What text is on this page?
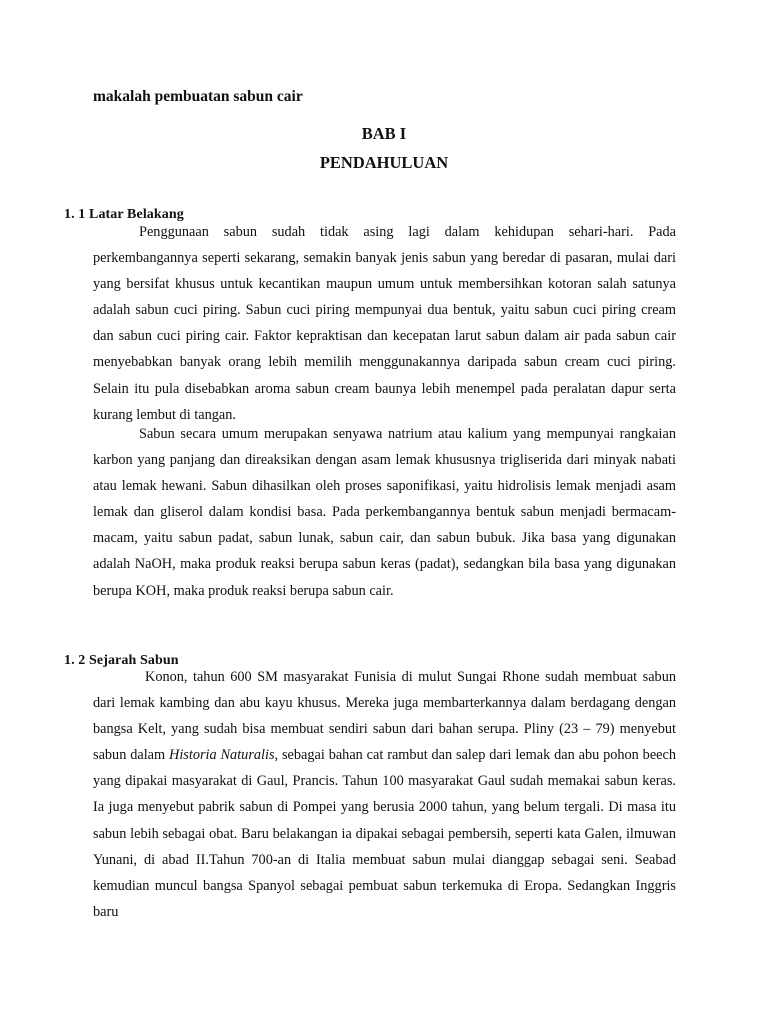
makalah pembuatan sabun cair
BAB I
PENDAHULUAN
1. 1 Latar Belakang

Penggunaan sabun sudah tidak asing lagi dalam kehidupan sehari-hari. Pada perkembangannya seperti sekarang, semakin banyak jenis sabun yang beredar di pasaran, mulai dari yang bersifat khusus untuk kecantikan maupun umum untuk membersihkan kotoran salah satunya adalah sabun cuci piring. Sabun cuci piring mempunyai dua bentuk, yaitu sabun cuci piring cream dan sabun cuci piring cair. Faktor kepraktisan dan kecepatan larut sabun dalam air pada sabun cair menyebabkan banyak orang lebih memilih menggunakannya daripada sabun cream cuci piring. Selain itu pula disebabkan aroma sabun cream baunya lebih menempel pada peralatan dapur serta kurang lembut di tangan.

Sabun secara umum merupakan senyawa natrium atau kalium yang mempunyai rangkaian karbon yang panjang dan direaksikan dengan asam lemak khususnya trigliserida dari minyak nabati atau lemak hewani. Sabun dihasilkan oleh proses saponifikasi, yaitu hidrolisis lemak menjadi asam lemak dan gliserol dalam kondisi basa. Pada perkembangannya bentuk sabun menjadi bermacam-macam, yaitu sabun padat, sabun lunak, sabun cair, dan sabun bubuk. Jika basa yang digunakan adalah NaOH, maka produk reaksi berupa sabun keras (padat), sedangkan bila basa yang digunakan berupa KOH, maka produk reaksi berupa sabun cair.

1. 2 Sejarah Sabun

Konon, tahun 600 SM masyarakat Funisia di mulut Sungai Rhone sudah membuat sabun dari lemak kambing dan abu kayu khusus. Mereka juga membarterkannya dalam berdagang dengan bangsa Kelt, yang sudah bisa membuat sendiri sabun dari bahan serupa. Pliny (23 – 79) menyebut sabun dalam Historia Naturalis, sebagai bahan cat rambut dan salep dari lemak dan abu pohon beech yang dipakai masyarakat di Gaul, Prancis. Tahun 100 masyarakat Gaul sudah memakai sabun keras. Ia juga menyebut pabrik sabun di Pompei yang berusia 2000 tahun, yang belum tergali. Di masa itu sabun lebih sebagai obat. Baru belakangan ia dipakai sebagai pembersih, seperti kata Galen, ilmuwan Yunani, di abad II.Tahun 700-an di Italia membuat sabun mulai dianggap sebagai seni. Seabad kemudian muncul bangsa Spanyol sebagai pembuat sabun terkemuka di Eropa. Sedangkan Inggris baru
